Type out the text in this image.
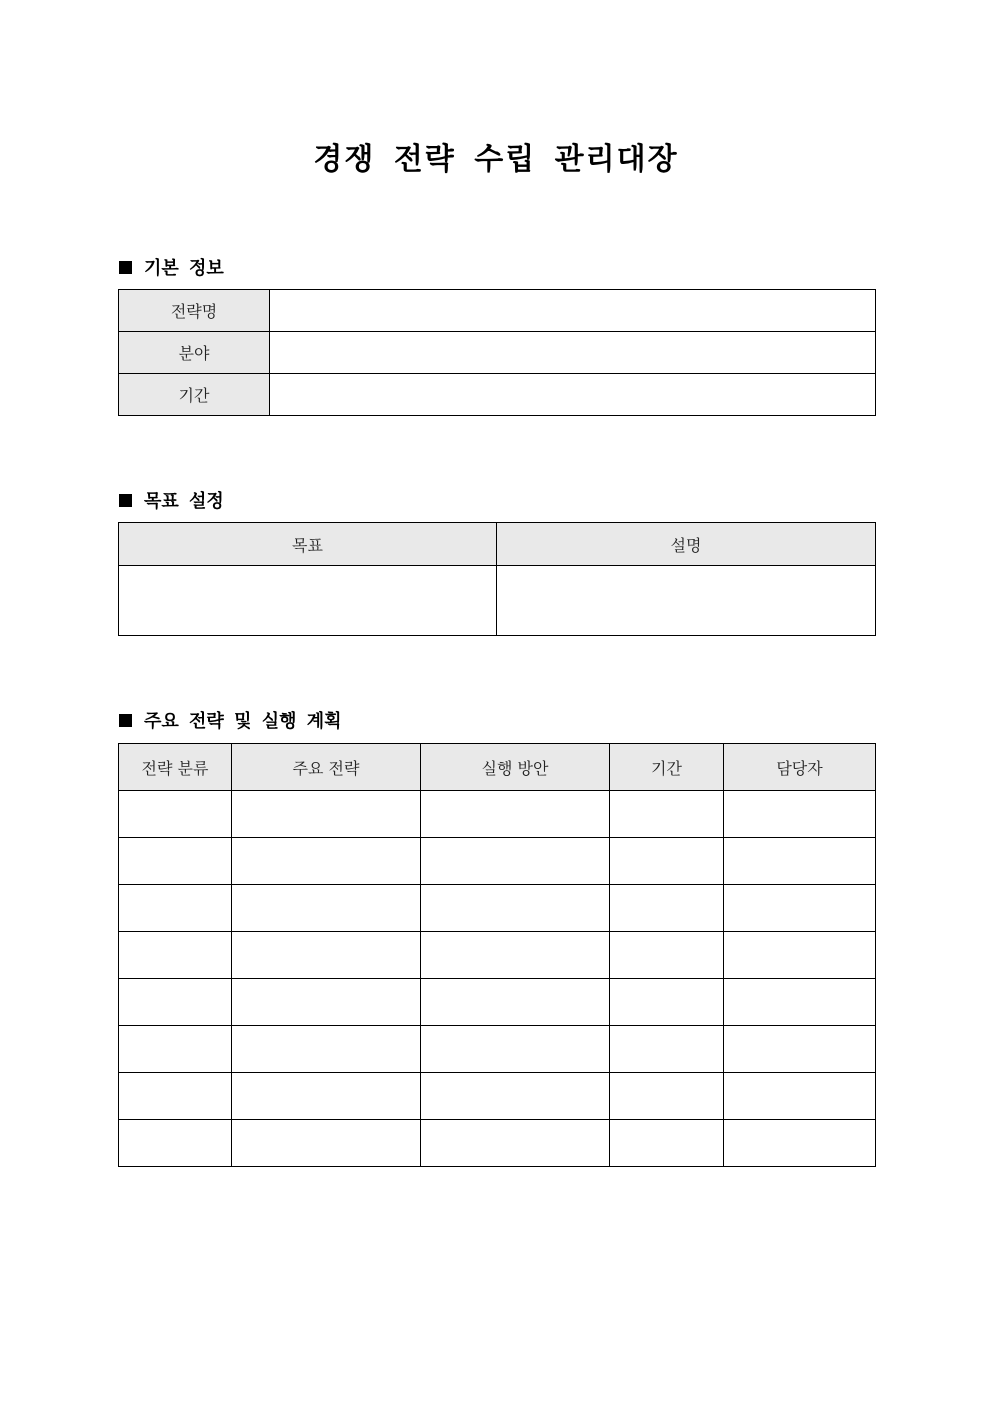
경쟁 전략 수립 관리대장
기본 정보
전략명	
분야	
기간	
목표 설정
목표	설명

주요 전략 및 실행 계획
전략 분류	주요 전략	실행 방안	기간	담당자
